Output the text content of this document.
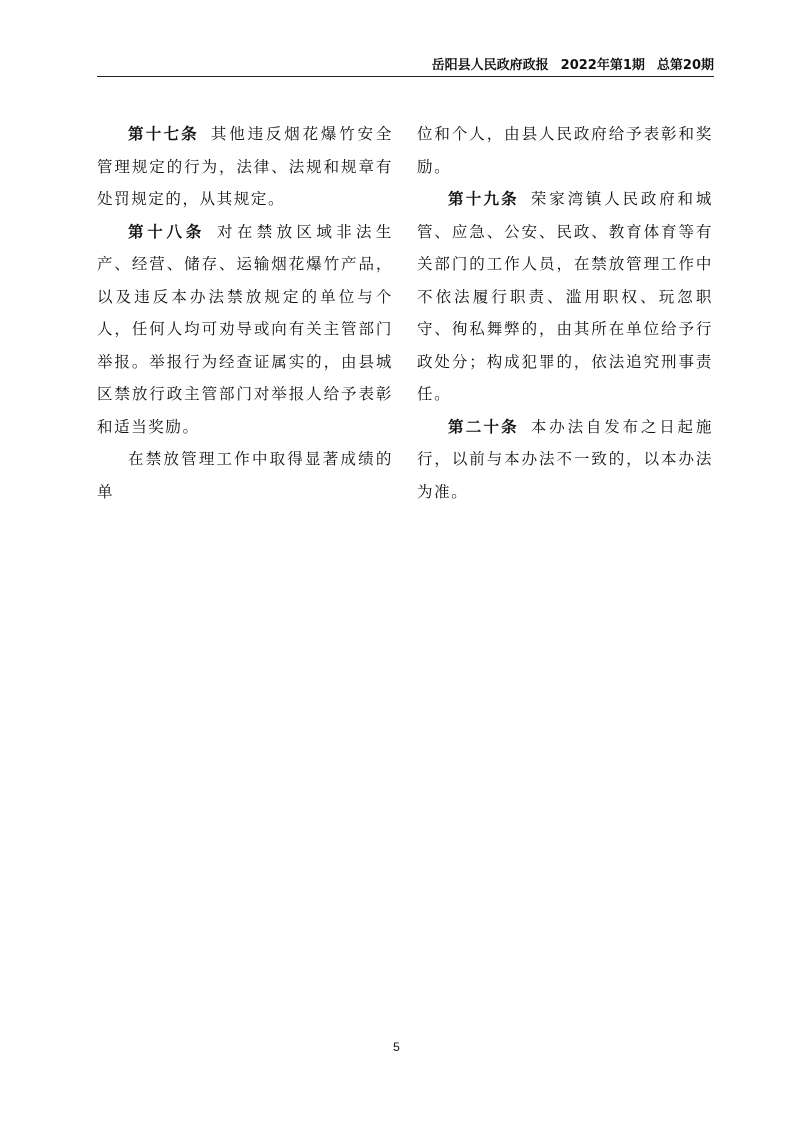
岳阳县人民政府政报 2022年第1期 总第20期

第十七条 其他违反烟花爆竹安全管理规定的行为，法律、法规和规章有处罚规定的，从其规定。

第十八条 对在禁放区域非法生产、经营、储存、运输烟花爆竹产品，以及违反本办法禁放规定的单位与个人，任何人均可劝导或向有关主管部门举报。举报行为经查证属实的，由县城区禁放行政主管部门对举报人给予表彰和适当奖励。

在禁放管理工作中取得显著成绩的单

位和个人，由县人民政府给予表彰和奖励。

第十九条 荣家湾镇人民政府和城管、应急、公安、民政、教育体育等有关部门的工作人员，在禁放管理工作中不依法履行职责、滥用职权、玩忽职守、徇私舞弊的，由其所在单位给予行政处分；构成犯罪的，依法追究刑事责任。

第二十条 本办法自发布之日起施行，以前与本办法不一致的，以本办法为准。

5
